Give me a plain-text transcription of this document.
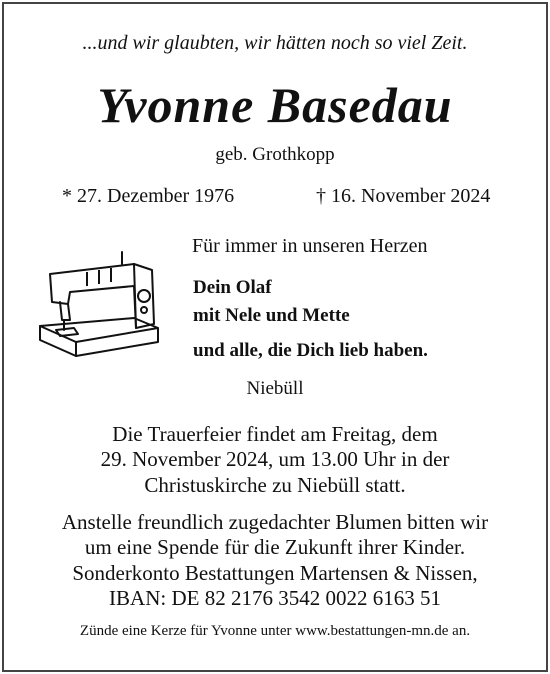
...und wir glaubten, wir hätten noch so viel Zeit.
Yvonne Basedau
geb. Grothkopp
* 27. Dezember 1976	† 16. November 2024
Für immer in unseren Herzen
Dein Olaf
mit Nele und Mette
und alle, die Dich lieb haben.
Niebüll
Die Trauerfeier findet am Freitag, dem
29. November 2024, um 13.00 Uhr in der
Christuskirche zu Niebüll statt.
Anstelle freundlich zugedachter Blumen bitten wir
um eine Spende für die Zukunft ihrer Kinder.
Sonderkonto Bestattungen Martensen & Nissen,
IBAN: DE 82 2176 3542 0022 6163 51
Zünde eine Kerze für Yvonne unter www.bestattungen-mn.de an.
